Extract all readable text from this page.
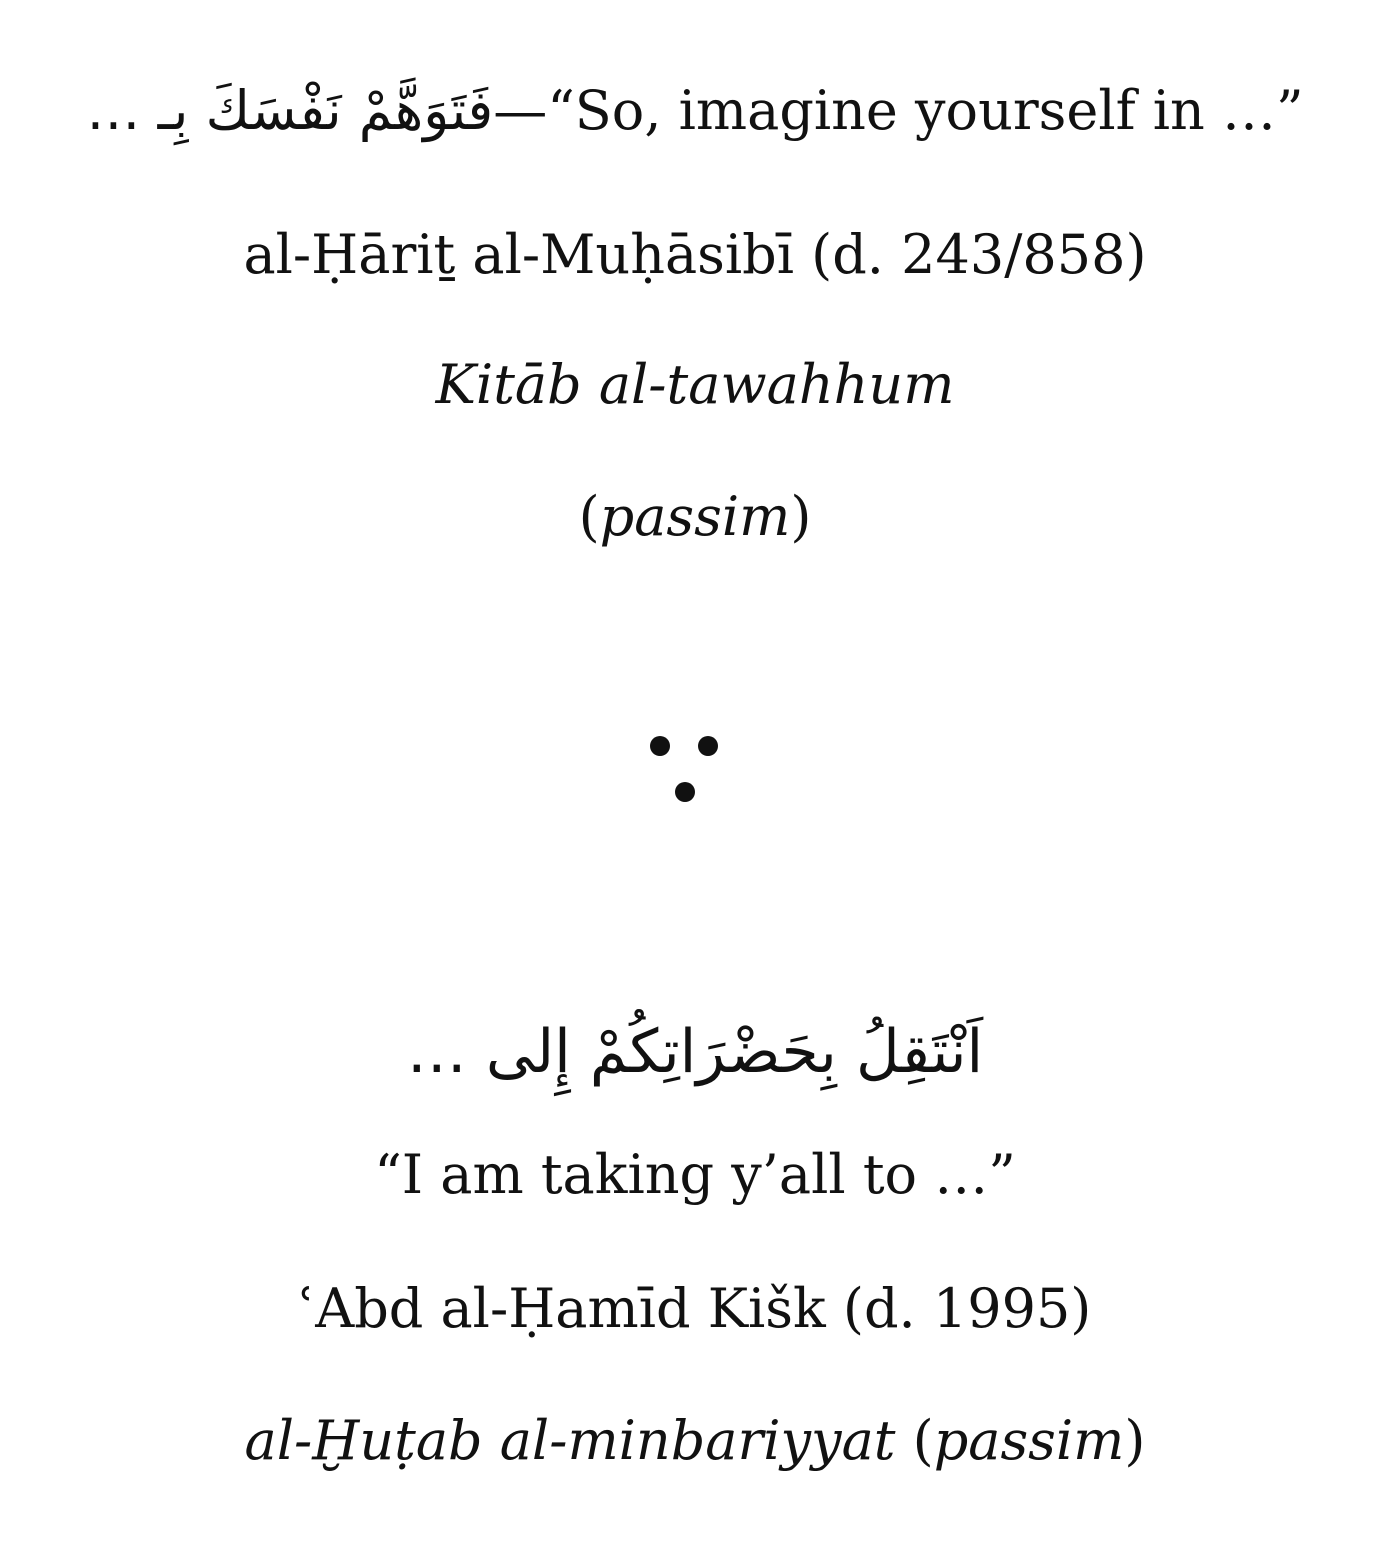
فَتَوَهَّمْ نَفْسَكَ بِـ …—“So, imagine yourself in …”
al-Ḥāriṯ al-Muḥāsibī (d. 243/858)
Kitāb al-tawahhum
(passim)
اَنْتَقِلُ بِحَضْرَاتِكُمْ إِلى …
“I am taking y’all to …”
ʿAbd al-Ḥamīd Kišk (d. 1995)
al-Ḫuṭab al-minbariyyat (passim)
